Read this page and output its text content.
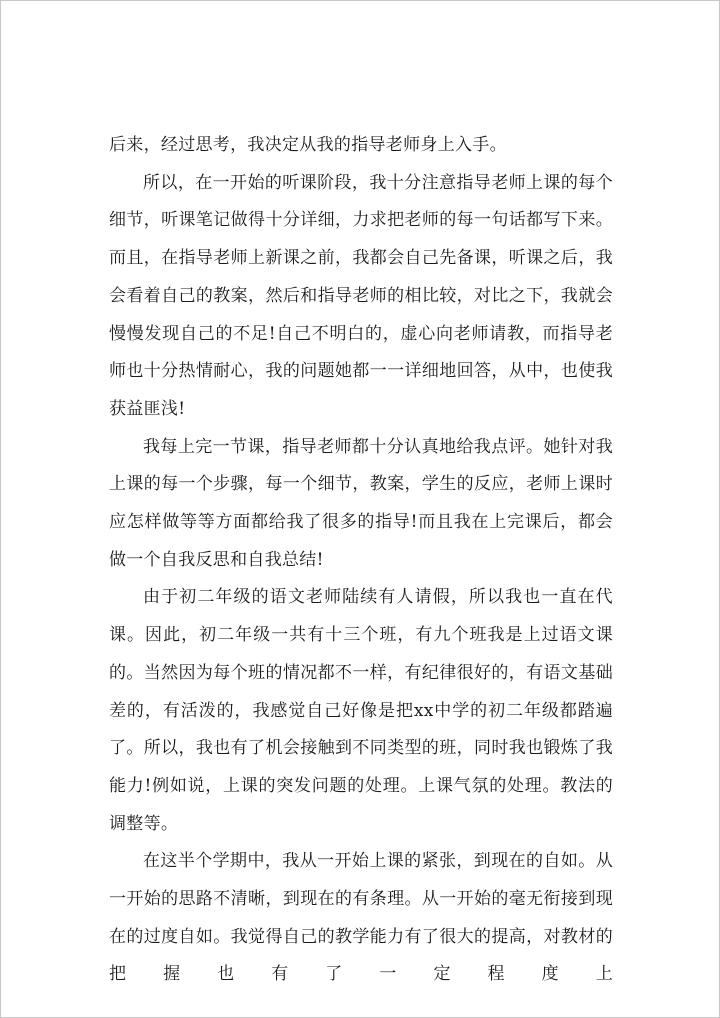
后来，经过思考，我决定从我的指导老师身上入手。

所以，在一开始的听课阶段，我十分注意指导老师上课的每个细节，听课笔记做得十分详细，力求把老师的每一句话都写下来。而且，在指导老师上新课之前，我都会自己先备课，听课之后，我会看着自己的教案，然后和指导老师的相比较，对比之下，我就会慢慢发现自己的不足!自己不明白的，虚心向老师请教，而指导老师也十分热情耐心，我的问题她都一一详细地回答，从中，也使我获益匪浅!

我每上完一节课，指导老师都十分认真地给我点评。她针对我上课的每一个步骤，每一个细节，教案，学生的反应，老师上课时应怎样做等等方面都给我了很多的指导!而且我在上完课后，都会做一个自我反思和自我总结!

由于初二年级的语文老师陆续有人请假，所以我也一直在代课。因此，初二年级一共有十三个班，有九个班我是上过语文课的。当然因为每个班的情况都不一样，有纪律很好的，有语文基础差的，有活泼的，我感觉自己好像是把xx中学的初二年级都踏遍了。所以，我也有了机会接触到不同类型的班，同时我也锻炼了我能力!例如说，上课的突发问题的处理。上课气氛的处理。教法的调整等。

在这半个学期中，我从一开始上课的紧张，到现在的自如。从一开始的思路不清晰，到现在的有条理。从一开始的毫无衔接到现在的过度自如。我觉得自己的教学能力有了很大的提高，对教材的把握也有了一定程度上
